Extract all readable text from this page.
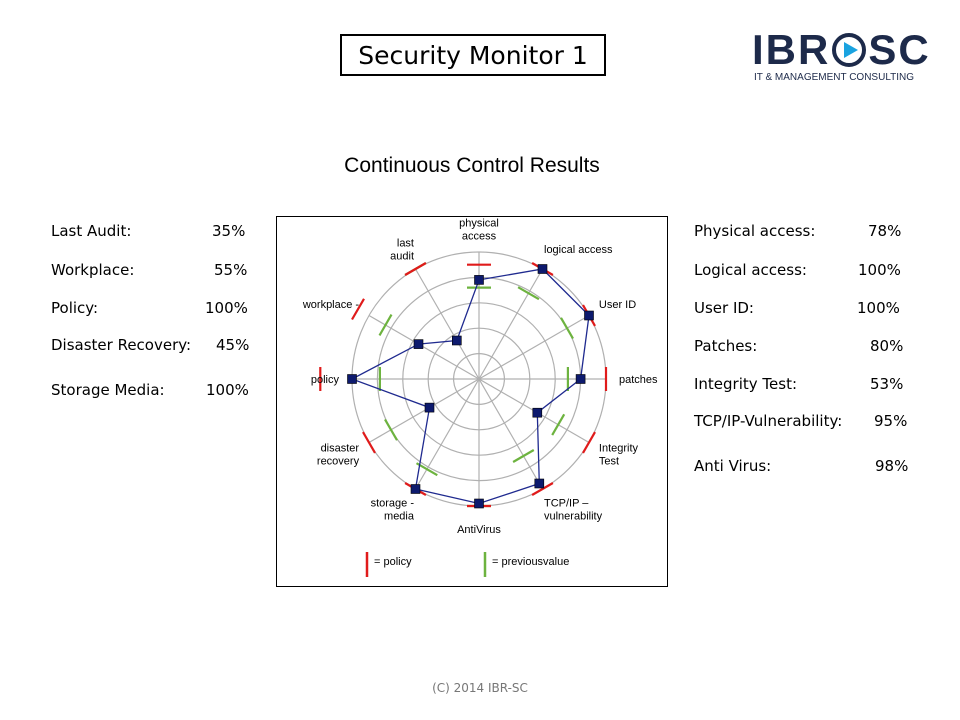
Security Monitor 1	IBR SC
IT & MANAGEMENT CONSULTING
Continuous Control Results
Last Audit:	35%
Workplace:	55%
Policy:	100%
Disaster Recovery: 45%
Storage Media:	100%
Physical access:	78%
Logical access:	100%
User ID:	100%
Patches:	80%
Integrity Test:	53%
TCP/IP-Vulnerability: 95%
Anti Virus:	98%
physical
access
logical access
User ID
patches
Integrity
Test
TCP/IP –
vulnerability
AntiVirus
storage -
media
disaster
recovery
policy
workplace -
last
audit
= policy	= previousvalue
(C) 2014 IBR-SC
